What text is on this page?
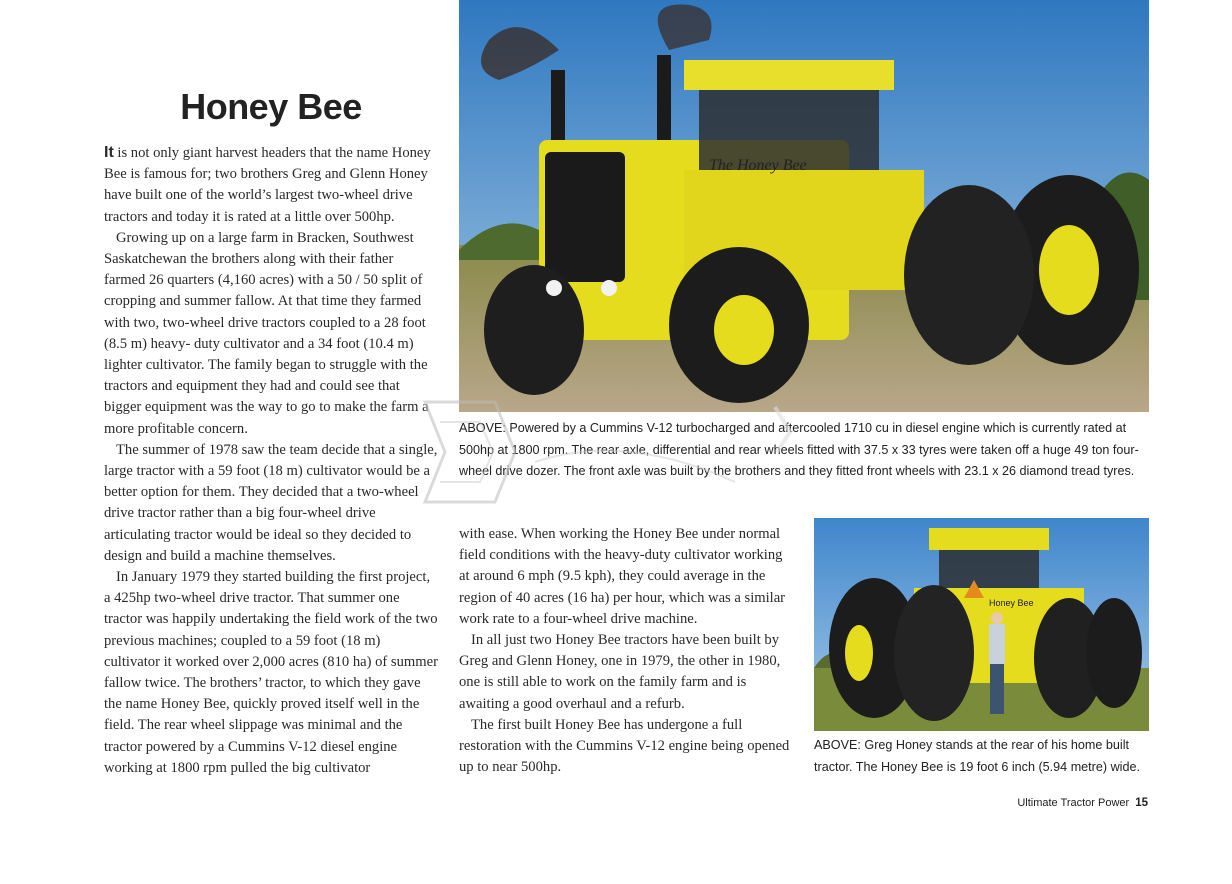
Honey Bee

It is not only giant harvest headers that the name Honey Bee is famous for; two brothers Greg and Glenn Honey have built one of the world’s largest two-wheel drive tractors and today it is rated at a little over 500hp.

Growing up on a large farm in Bracken, Southwest Saskatchewan the brothers along with their father farmed 26 quarters (4,160 acres) with a 50 / 50 split of cropping and summer fallow. At that time they farmed with two, two-wheel drive tractors coupled to a 28 foot (8.5 m) heavy- duty cultivator and a 34 foot (10.4 m) lighter cultivator. The family began to struggle with the tractors and equipment they had and could see that bigger equipment was the way to go to make the farm a more profitable concern.

The summer of 1978 saw the team decide that a single, large tractor with a 59 foot (18 m) cultivator would be a better option for them. They decided that a two-wheel drive tractor rather than a big four-wheel drive articulating tractor would be ideal so they decided to design and build a machine themselves.

In January 1979 they started building the first project, a 425hp two-wheel drive tractor. That summer one tractor was happily undertaking the field work of the two previous machines; coupled to a 59 foot (18 m) cultivator it worked over 2,000 acres (810 ha) of summer fallow twice. The brothers’ tractor, to which they gave the name Honey Bee, quickly proved itself well in the field. The rear wheel slippage was minimal and the tractor powered by a Cummins V-12 diesel engine working at 1800 rpm pulled the big cultivator

with ease. When working the Honey Bee under normal field conditions with the heavy-duty cultivator working at around 6 mph (9.5 kph), they could average in the region of 40 acres (16 ha) per hour, which was a similar work rate to a four-wheel drive machine.

In all just two Honey Bee tractors have been built by Greg and Glenn Honey, one in 1979, the other in 1980, one is still able to work on the family farm and is awaiting a good overhaul and a refurb.

The first built Honey Bee has undergone a full restoration with the Cummins V-12 engine being opened up to near 500hp.

The Honey Bee
ABOVE: Powered by a Cummins V-12 turbocharged and aftercooled 1710 cu in diesel engine which is currently rated at 500hp at 1800 rpm. The rear axle, differential and rear wheels fitted with 37.5 x 33 tyres were taken off a huge 49 ton four-wheel drive dozer. The front axle was built by the brothers and they fitted front wheels with 23.1 x 26 diamond tread tyres.
Honey Bee
ABOVE: Greg Honey stands at the rear of his home built tractor. The Honey Bee is 19 foot 6 inch (5.94 metre) wide.
Ultimate Tractor Power 15
